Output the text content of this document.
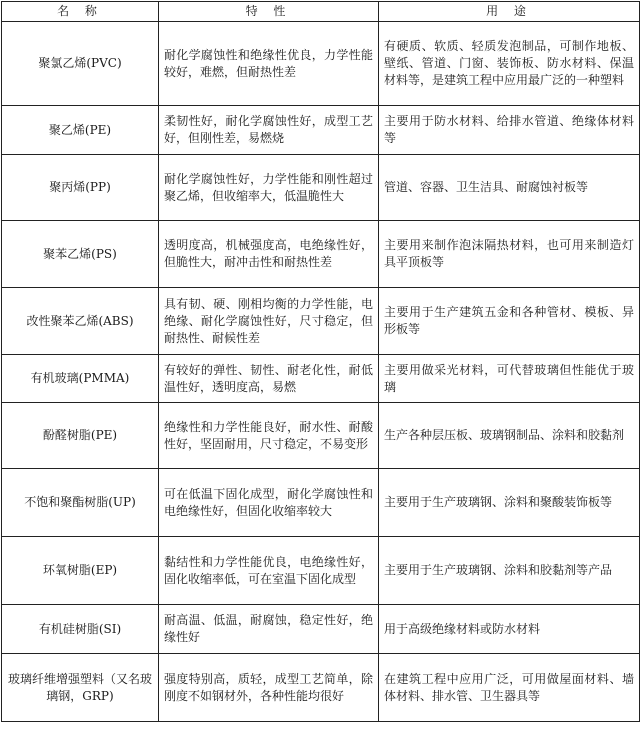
名 称	特 性	用 途
聚氯乙烯(PVC)	耐化学腐蚀性和绝缘性优良，力学性能较好，难燃，但耐热性差	有硬质、软质、轻质发泡制品，可制作地板、壁纸、管道、门窗、装饰板、防水材料、保温材料等，是建筑工程中应用最广泛的一种塑料
聚乙烯(PE)	柔韧性好，耐化学腐蚀性好，成型工艺好，但刚性差，易燃烧	主要用于防水材料、给排水管道、绝缘体材料等
聚丙烯(PP)	耐化学腐蚀性好，力学性能和刚性超过聚乙烯，但收缩率大，低温脆性大	管道、容器、卫生洁具、耐腐蚀衬板等
聚苯乙烯(PS)	透明度高，机械强度高，电绝缘性好，但脆性大，耐冲击性和耐热性差	主要用来制作泡沫隔热材料，也可用来制造灯具平顶板等
改性聚苯乙烯(ABS)	具有韧、硬、刚相均衡的力学性能，电绝缘、耐化学腐蚀性好，尺寸稳定，但耐热性、耐候性差	主要用于生产建筑五金和各种管材、模板、异形板等
有机玻璃(PMMA)	有较好的弹性、韧性、耐老化性，耐低温性好，透明度高，易燃	主要用做采光材料，可代替玻璃但性能优于玻璃
酚醛树脂(PE)	绝缘性和力学性能良好，耐水性、耐酸性好，坚固耐用，尺寸稳定，不易变形	生产各种层压板、玻璃钢制品、涂料和胶黏剂
不饱和聚酯树脂(UP)	可在低温下固化成型，耐化学腐蚀性和电绝缘性好，但固化收缩率较大	主要用于生产玻璃钢、涂料和聚酸装饰板等
环氧树脂(EP)	黏结性和力学性能优良，电绝缘性好，固化收缩率低，可在室温下固化成型	主要用于生产玻璃钢、涂料和胶黏剂等产品
有机硅树脂(SI)	耐高温、低温，耐腐蚀，稳定性好，绝缘性好	用于高级绝缘材料或防水材料
玻璃纤维增强塑料（又名玻璃钢，GRP)	强度特别高，质轻，成型工艺简单，除刚度不如钢材外，各种性能均很好	在建筑工程中应用广泛，可用做屋面材料、墙体材料、排水管、卫生器具等
